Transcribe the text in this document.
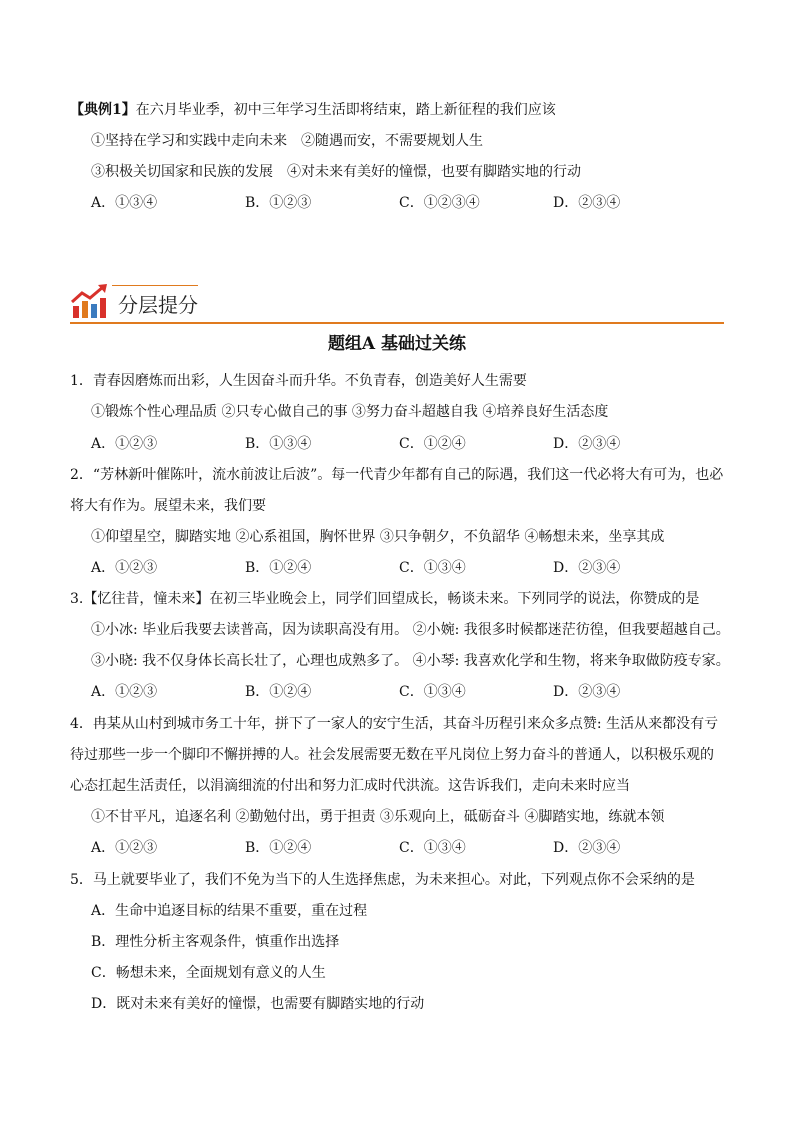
【典例1】在六月毕业季，初中三年学习生活即将结束，踏上新征程的我们应该
①坚持在学习和实践中走向未来　②随遇而安，不需要规划人生
③积极关切国家和民族的发展　④对未来有美好的憧憬，也要有脚踏实地的行动
A．①③④	B．①②③	C．①②③④	D．②③④
分层提分
题组A 基础过关练
1．青春因磨炼而出彩，人生因奋斗而升华。不负青春，创造美好人生需要
①锻炼个性心理品质 ②只专心做自己的事 ③努力奋斗超越自我 ④培养良好生活态度
A．①②③	B．①③④	C．①②④	D．②③④
2．“芳林新叶催陈叶，流水前波让后波”。每一代青少年都有自己的际遇，我们这一代必将大有可为，也必
将大有作为。展望未来，我们要
①仰望星空，脚踏实地 ②心系祖国，胸怀世界 ③只争朝夕，不负韶华 ④畅想未来，坐享其成
A．①②③	B．①②④	C．①③④	D．②③④
3.【忆往昔，憧未来】在初三毕业晚会上，同学们回望成长，畅谈未来。下列同学的说法，你赞成的是
①小冰: 毕业后我要去读普高，因为读职高没有用。 ②小婉: 我很多时候都迷茫彷徨，但我要超越自己。
③小晓: 我不仅身体长高长壮了，心理也成熟多了。 ④小琴: 我喜欢化学和生物，将来争取做防疫专家。
A．①②③	B．①②④	C．①③④	D．②③④
4．冉某从山村到城市务工十年，拼下了一家人的安宁生活，其奋斗历程引来众多点赞: 生活从来都没有亏
待过那些一步一个脚印不懈拼搏的人。社会发展需要无数在平凡岗位上努力奋斗的普通人，以积极乐观的
心态扛起生活责任，以涓滴细流的付出和努力汇成时代洪流。这告诉我们，走向未来时应当
①不甘平凡，追逐名利 ②勤勉付出，勇于担责 ③乐观向上，砥砺奋斗 ④脚踏实地，练就本领
A．①②③	B．①②④	C．①③④	D．②③④
5．马上就要毕业了，我们不免为当下的人生选择焦虑，为未来担心。对此，下列观点你不会采纳的是
A．生命中追逐目标的结果不重要，重在过程
B．理性分析主客观条件，慎重作出选择
C．畅想未来，全面规划有意义的人生
D．既对未来有美好的憧憬，也需要有脚踏实地的行动
